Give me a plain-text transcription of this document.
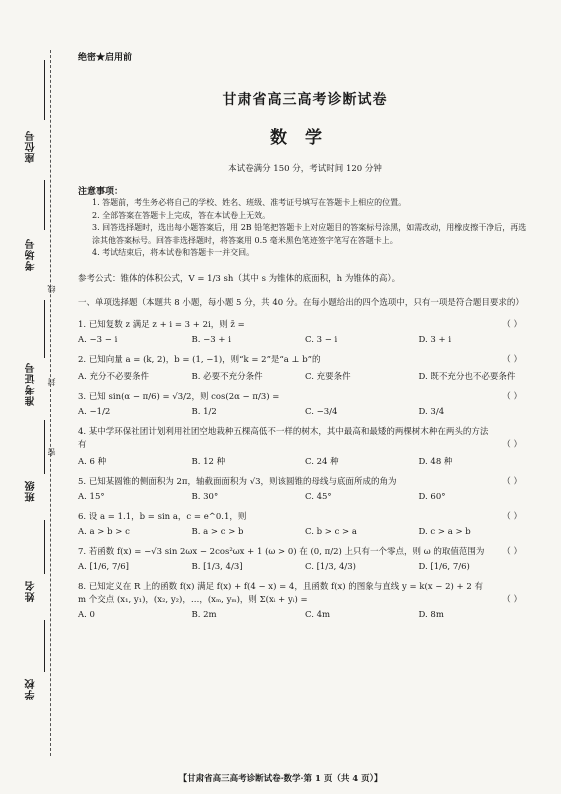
座位号
考场号
准考证号
班级
姓名
学校
线
封
密
绝密★启用前
甘肃省高三高考诊断试卷
数学
本试卷满分 150 分，考试时间 120 分钟
注意事项：
1. 答题前，考生务必将自己的学校、姓名、班级、准考证号填写在答题卡上相应的位置。
2. 全部答案在答题卡上完成，答在本试卷上无效。
3. 回答选择题时，选出每小题答案后，用 2B 铅笔把答题卡上对应题目的答案标号涂黑，如需改动，用橡皮擦干净后，再选涂其他答案标号。回答非选择题时，将答案用 0.5 毫米黑色笔迹签字笔写在答题卡上。
4. 考试结束后，将本试卷和答题卡一并交回。
参考公式：锥体的体积公式，V = 1/3 sh（其中 s 为锥体的底面积，h 为锥体的高）。
一、单项选择题（本题共 8 小题，每小题 5 分，共 40 分。在每小题给出的四个选项中，只有一项是符合题目要求的）
1. 已知复数 z 满足 z + i = 3 + 2i，则 z̄ =	（ ）
A. −3 − i	B. −3 + i	C. 3 − i	D. 3 + i
2. 已知向量 a = (k, 2)，b = (1, −1)，则“k = 2”是“a ⊥ b”的	（ ）
A. 充分不必要条件	B. 必要不充分条件	C. 充要条件	D. 既不充分也不必要条件
3. 已知 sin(α − π/6) = √3/2，则 cos(2α − π/3) =	（ ）
A. −1/2	B. 1/2	C. −3/4	D. 3/4
4. 某中学环保社团计划利用社团空地栽种五棵高低不一样的树木，其中最高和最矮的两棵树木种在两头的方法有	（ ）
A. 6 种	B. 12 种	C. 24 种	D. 48 种
5. 已知某圆锥的侧面积为 2π，轴截面面积为 √3，则该圆锥的母线与底面所成的角为	（ ）
A. 15°	B. 30°	C. 45°	D. 60°
6. 设 a = 1.1，b = sin a，c = e^0.1，则	（ ）
A. a > b > c	B. a > c > b	C. b > c > a	D. c > a > b
7. 若函数 f(x) = −√3 sin 2ωx − 2cos²ωx + 1 (ω > 0) 在 (0, π/2) 上只有一个零点，则 ω 的取值范围为 （ ）
A. [1/6, 7/6]	B. [1/3, 4/3]	C. [1/3, 4/3)	D. [1/6, 7/6)
8. 已知定义在 R 上的函数 f(x) 满足 f(x) + f(4 − x) = 4，且函数 f(x) 的图象与直线 y = k(x − 2) + 2 有 m 个交点 (x₁, y₁)，(x₂, y₂)，…，(xₘ, yₘ)，则 Σ(xᵢ + yᵢ) =	（ ）
A. 0	B. 2m	C. 4m	D. 8m
【甘肃省高三高考诊断试卷·数学·第 1 页（共 4 页）】
